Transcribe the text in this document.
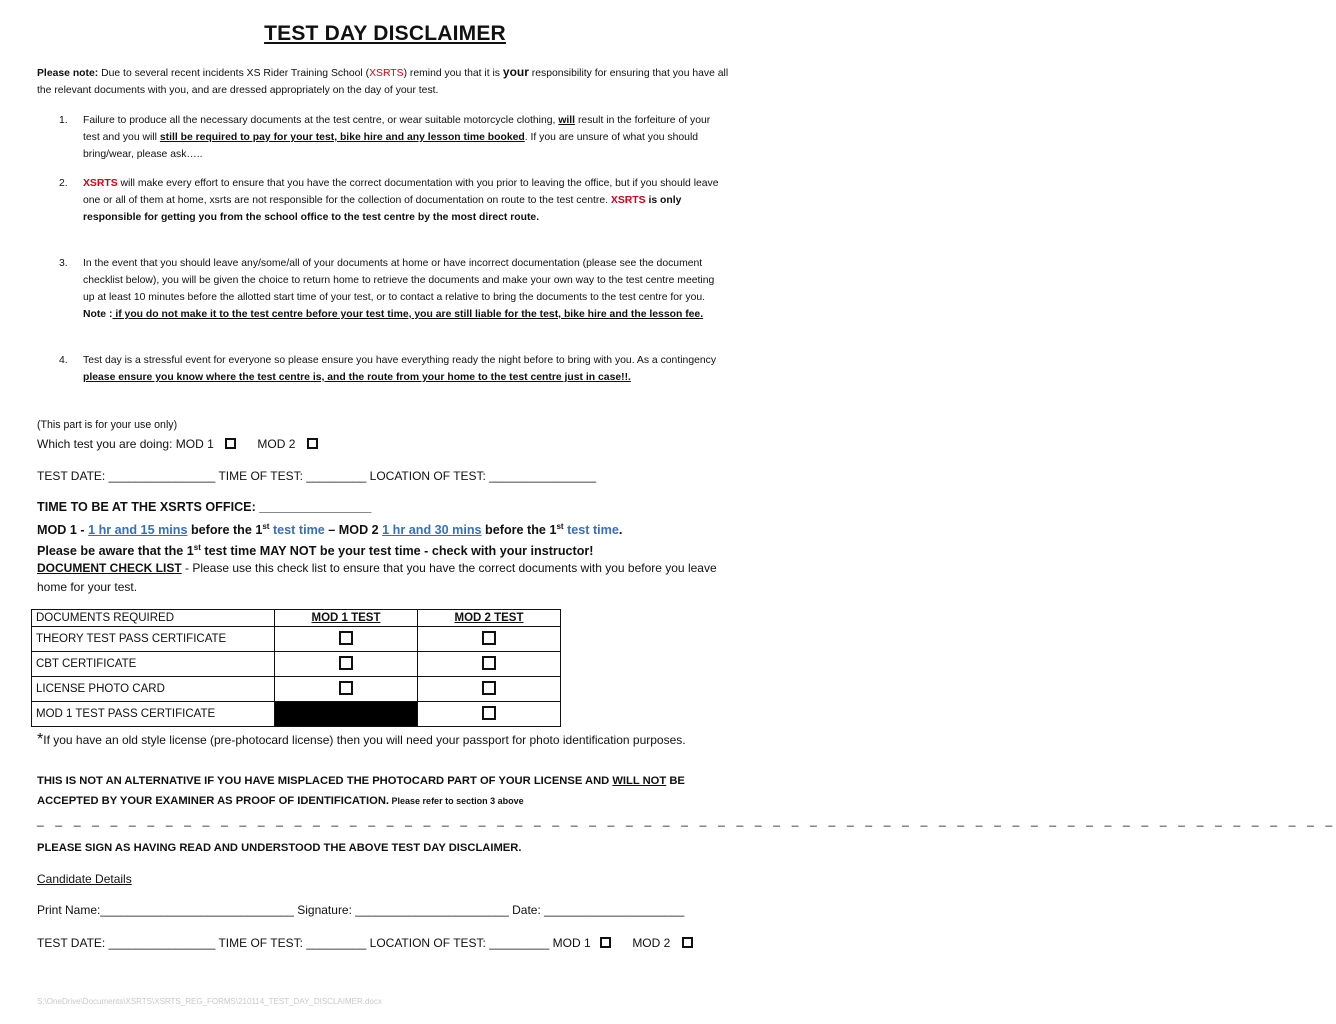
TEST DAY DISCLAIMER
Please note: Due to several recent incidents XS Rider Training School (XSRTS) remind you that it is your responsibility for ensuring that you have all the relevant documents with you, and are dressed appropriately on the day of your test.
1. Failure to produce all the necessary documents at the test centre, or wear suitable motorcycle clothing, will result in the forfeiture of your test and you will still be required to pay for your test, bike hire and any lesson time booked. If you are unsure of what you should bring/wear, please ask…..
2. XSRTS will make every effort to ensure that you have the correct documentation with you prior to leaving the office, but if you should leave one or all of them at home, xsrts are not responsible for the collection of documentation on route to the test centre. XSRTS is only responsible for getting you from the school office to the test centre by the most direct route.
3. In the event that you should leave any/some/all of your documents at home or have incorrect documentation (please see the document checklist below), you will be given the choice to return home to retrieve the documents and make your own way to the test centre meeting up at least 10 minutes before the allotted start time of your test, or to contact a relative to bring the documents to the test centre for you. Note : if you do not make it to the test centre before your test time, you are still liable for the test, bike hire and the lesson fee.
4. Test day is a stressful event for everyone so please ensure you have everything ready the night before to bring with you. As a contingency please ensure you know where the test centre is, and the route from your home to the test centre just in case!!.
(This part is for your use only)
Which test you are doing: MOD 1	MOD 2
TEST DATE: ________________ TIME OF TEST: _________ LOCATION OF TEST: ________________
TIME TO BE AT THE XSRTS OFFICE: ________________
MOD 1 - 1 hr and 15 mins before the 1st test time – MOD 2 1 hr and 30 mins before the 1st test time.
Please be aware that the 1st test time MAY NOT be your test time - check with your instructor!
DOCUMENT CHECK LIST - Please use this check list to ensure that you have the correct documents with you before you leave home for your test.
DOCUMENTS REQUIRED	MOD 1 TEST	MOD 2 TEST
THEORY TEST PASS CERTIFICATE		
CBT CERTIFICATE		
LICENSE PHOTO CARD		
MOD 1 TEST PASS CERTIFICATE		
*If you have an old style license (pre-photocard license) then you will need your passport for photo identification purposes.
THIS IS NOT AN ALTERNATIVE IF YOU HAVE MISPLACED THE PHOTOCARD PART OF YOUR LICENSE AND WILL NOT BE ACCEPTED BY YOUR EXAMINER AS PROOF OF IDENTIFICATION. Please refer to section 3 above
_ _ _ _ _ _ _ _ _ _ _ _ _ _ _ _ _ _ _ _ _ _ _ _ _ _ _ _ _ _ _ _ _ _ _ _ _ _ _ _ _ _ _ _ _ _ _ _ _ _ _ _ _ _ _ _ _ _ _ _ _ _ _ _ _ _ _ _ _ _ _
PLEASE SIGN AS HAVING READ AND UNDERSTOOD THE ABOVE TEST DAY DISCLAIMER.
Candidate Details
Print Name:_____________________________ Signature: _______________________ Date: _____________________
TEST DATE: ________________ TIME OF TEST: _________ LOCATION OF TEST: _________ MOD 1	MOD 2
S:\OneDrive\Documents\XSRTS\XSRTS_REG_FORMS\210114_TEST_DAY_DISCLAIMER.docx
